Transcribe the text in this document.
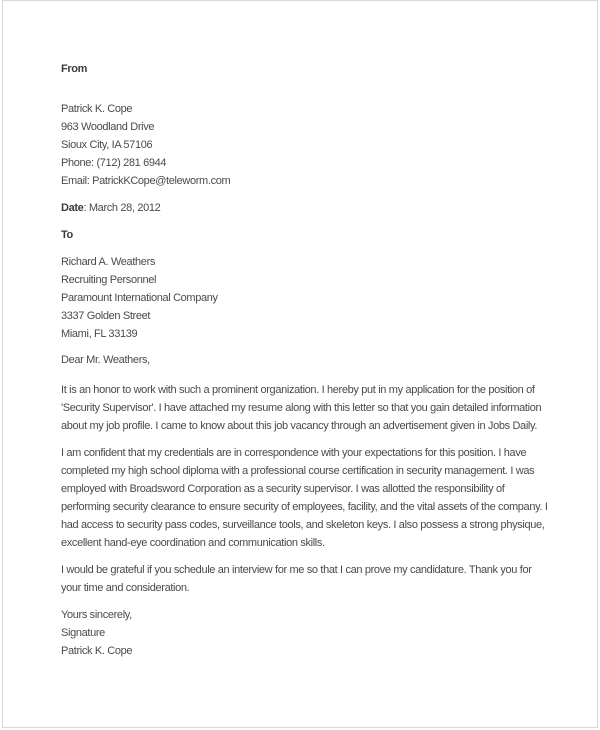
From
Patrick K. Cope
963 Woodland Drive
Sioux City, IA 57106
Phone: (712) 281 6944
Email: PatrickKCope@teleworm.com
Date: March 28, 2012
To
Richard A. Weathers
Recruiting Personnel
Paramount International Company
3337 Golden Street
Miami, FL 33139
Dear Mr. Weathers,

It is an honor to work with such a prominent organization. I hereby put in my application for the position of 'Security Supervisor'. I have attached my resume along with this letter so that you gain detailed information about my job profile. I came to know about this job vacancy through an advertisement given in Jobs Daily.

I am confident that my credentials are in correspondence with your expectations for this position. I have completed my high school diploma with a professional course certification in security management. I was employed with Broadsword Corporation as a security supervisor. I was allotted the responsibility of performing security clearance to ensure security of employees, facility, and the vital assets of the company. I had access to security pass codes, surveillance tools, and skeleton keys. I also possess a strong physique, excellent hand-eye coordination and communication skills.

I would be grateful if you schedule an interview for me so that I can prove my candidature. Thank you for your time and consideration.

Yours sincerely,
Signature
Patrick K. Cope
